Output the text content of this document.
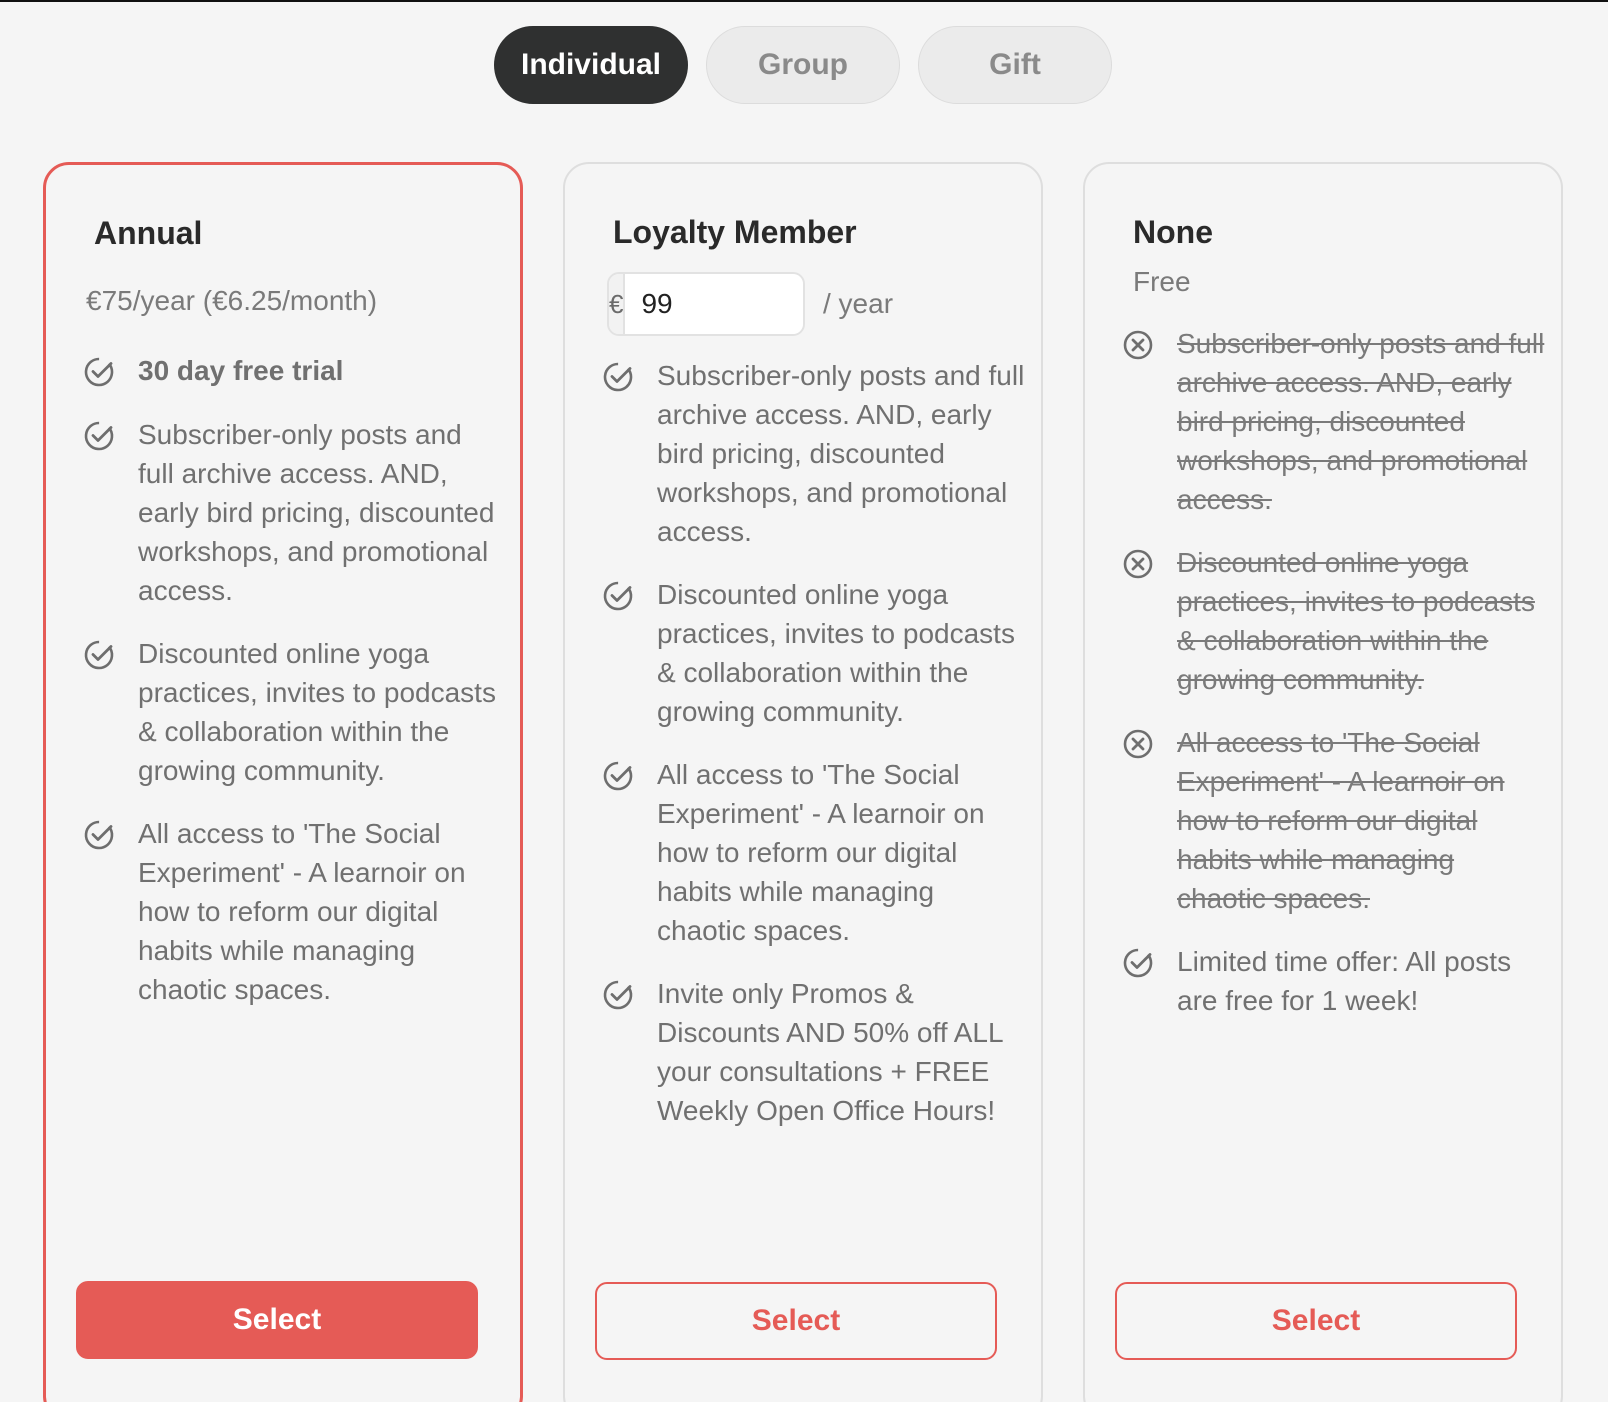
Individual	Group	Gift
Annual
€75/year (€6.25/month)
30 day free trial
Subscriber-only posts and full archive access. AND, early bird pricing, discounted workshops, and promotional access.
Discounted online yoga practices, invites to podcasts & collaboration within the growing community.
All access to 'The Social Experiment' - A learnoir on how to reform our digital habits while managing chaotic spaces.
Select
Loyalty Member
€
99	/ year
Subscriber-only posts and full archive access. AND, early bird pricing, discounted workshops, and promotional access.
Discounted online yoga practices, invites to podcasts & collaboration within the growing community.
All access to 'The Social Experiment' - A learnoir on how to reform our digital habits while managing chaotic spaces.
Invite only Promos & Discounts AND 50% off ALL your consultations + FREE Weekly Open Office Hours!
Select
None
Free
Subscriber-only posts and full archive access. AND, early bird pricing, discounted workshops, and promotional access.
Discounted online yoga practices, invites to podcasts & collaboration within the growing community.
All access to 'The Social Experiment' - A learnoir on how to reform our digital habits while managing chaotic spaces.
Limited time offer: All posts are free for 1 week!
Select
